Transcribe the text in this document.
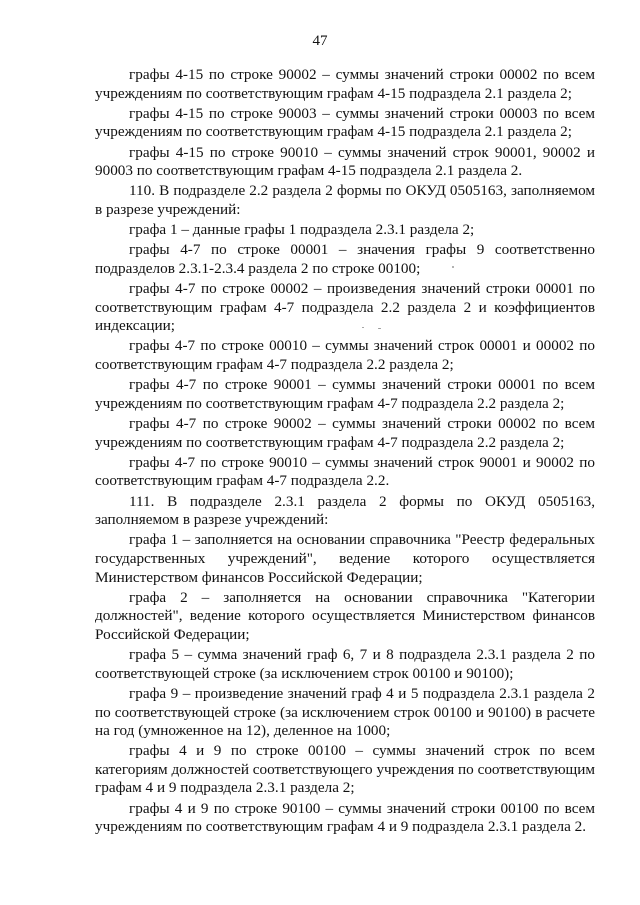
47

графы 4-15 по строке 90002 – суммы значений строки 00002 по всем учреждениям по соответствующим графам 4-15 подраздела 2.1 раздела 2;

графы 4-15 по строке 90003 – суммы значений строки 00003 по всем учреждениям по соответствующим графам 4-15 подраздела 2.1 раздела 2;

графы 4-15 по строке 90010 – суммы значений строк 90001, 90002 и 90003 по соответствующим графам 4-15 подраздела 2.1 раздела 2.

110. В подразделе 2.2 раздела 2 формы по ОКУД 0505163, заполняемом в разрезе учреждений:

графа 1 – данные графы 1 подраздела 2.3.1 раздела 2;

графы 4-7 по строке 00001 – значения графы 9 соответственно подразделов 2.3.1-2.3.4 раздела 2 по строке 00100;

графы 4-7 по строке 00002 – произведения значений строки 00001 по соответствующим графам 4-7 подраздела 2.2 раздела 2 и коэффициентов индексации;

графы 4-7 по строке 00010 – суммы значений строк 00001 и 00002 по соответствующим графам 4-7 подраздела 2.2 раздела 2;

графы 4-7 по строке 90001 – суммы значений строки 00001 по всем учреждениям по соответствующим графам 4-7 подраздела 2.2 раздела 2;

графы 4-7 по строке 90002 – суммы значений строки 00002 по всем учреждениям по соответствующим графам 4-7 подраздела 2.2 раздела 2;

графы 4-7 по строке 90010 – суммы значений строк 90001 и 90002 по соответствующим графам 4-7 подраздела 2.2.

111. В подразделе 2.3.1 раздела 2 формы по ОКУД 0505163, заполняемом в разрезе учреждений:

графа 1 – заполняется на основании справочника "Реестр федеральных государственных учреждений", ведение которого осуществляется Министерством финансов Российской Федерации;

графа 2 – заполняется на основании справочника "Категории должностей", ведение которого осуществляется Министерством финансов Российской Федерации;

графа 5 – сумма значений граф 6, 7 и 8 подраздела 2.3.1 раздела 2 по соответствующей строке (за исключением строк 00100 и 90100);

графа 9 – произведение значений граф 4 и 5 подраздела 2.3.1 раздела 2 по соответствующей строке (за исключением строк 00100 и 90100) в расчете на год (умноженное на 12), деленное на 1000;

графы 4 и 9 по строке 00100 – суммы значений строк по всем категориям должностей соответствующего учреждения по соответствующим графам 4 и 9 подраздела 2.3.1 раздела 2;

графы 4 и 9 по строке 90100 – суммы значений строки 00100 по всем учреждениям по соответствующим графам 4 и 9 подраздела 2.3.1 раздела 2.
